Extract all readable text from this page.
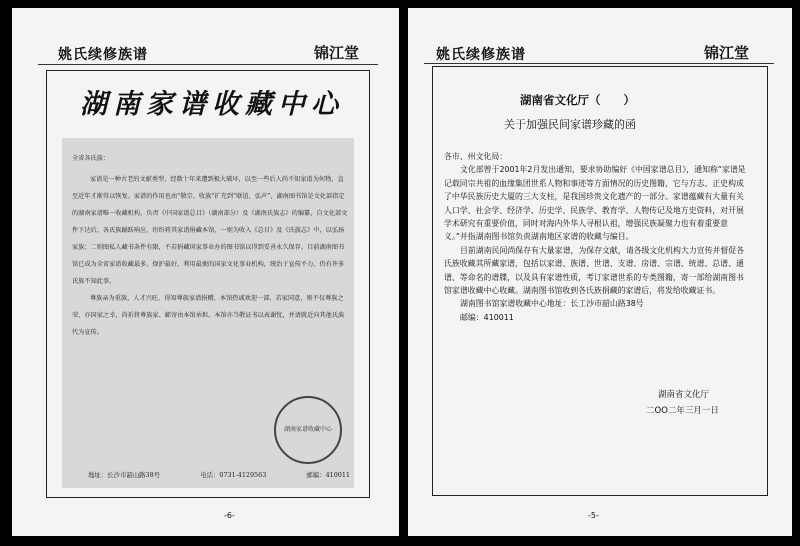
姚氏续修族谱	锦江堂
湖南家谱收藏中心

全省各氏族：

家谱是一种古老的文献类型，经数十年来遭到极大破坏，以至一些后人尚不知家谱为何物，直至近年才渐得以恢复。家谱的作用也由“敬宗、收族”扩充到“联谊、弘声”，湖南图书馆是文化部指定的湖南家谱唯一收藏机构，负责《中国家谱总目》（湖南部分）及《湖南氏族志》的编纂，自文化部文件下达后，各氏族踊跃响应，纷纷将其家谱捐藏本馆，一则为收入《总目》及《氏族志》中，以弘扬家族；二则图私人藏书条件有限，不若捐藏国家事业办的图书馆以得到妥善永久保存。目前湖南图书馆已成为全省家谱收藏最多、保护最好、利用最便的国家文化事业机构，统治于宣传不力，仍有许多氏族不知此事。

尊族亲为重族，人才兴旺，得知尊族家谱捐赠，本馆热诚欢迎一部、若家同意，则不仅尊族之荣，亦国家之幸，尚祈将尊族家、邮寄由本馆承担。本馆亦当敬证书以表谢忱，并请就近向其他氏族代为宣传。

湖南家谱收藏中心
地址：长沙市韶山路38号	电话：0731-4129563	邮编：410011
-6-
姚氏续修族谱	锦江堂
湖南省文化厅（　　）
关于加强民间家谱珍藏的函

各市、州文化局：

文化部曾于2001年2月发出通知，要求协助编好《中国家谱总目》，通知称“家谱是记载同宗共祖的血缘集团世系人物和事迹等方面情况的历史图籍，它与方志、正史构成了中华民族历史大厦的三大支柱，是我国珍贵文化遗产的一部分。家谱蕴藏有大量有关人口学、社会学、经济学、历史学、民族学、教育学、人物传记及地方史资料，对开展学术研究有重要价值，同时对海内外华人寻根认祖，增强民族凝聚力也有着重要意义。”并指湖南图书馆负责湖南地区家谱的收藏与编目。

目前湖南民间尚保存有大量家谱，为保存文献，请各级文化机构大力宣传并督促各氏族收藏其所藏家谱，包括以家谱、族谱、世谱、支谱、房谱、宗谱、统谱、总谱、通谱、等命名的谱牒，以及具有家谱性质，考订家谱世系的专类图籍，寄一部给湖南图书馆家谱收藏中心收藏。湖南图书馆收到各氏族捐藏的家谱后，将发给收藏证书。

湖南图书馆家谱收藏中心地址：长工沙市韶山路38号

邮编：410011

湖南省文化厅
二OO二年三月一日
-5-
